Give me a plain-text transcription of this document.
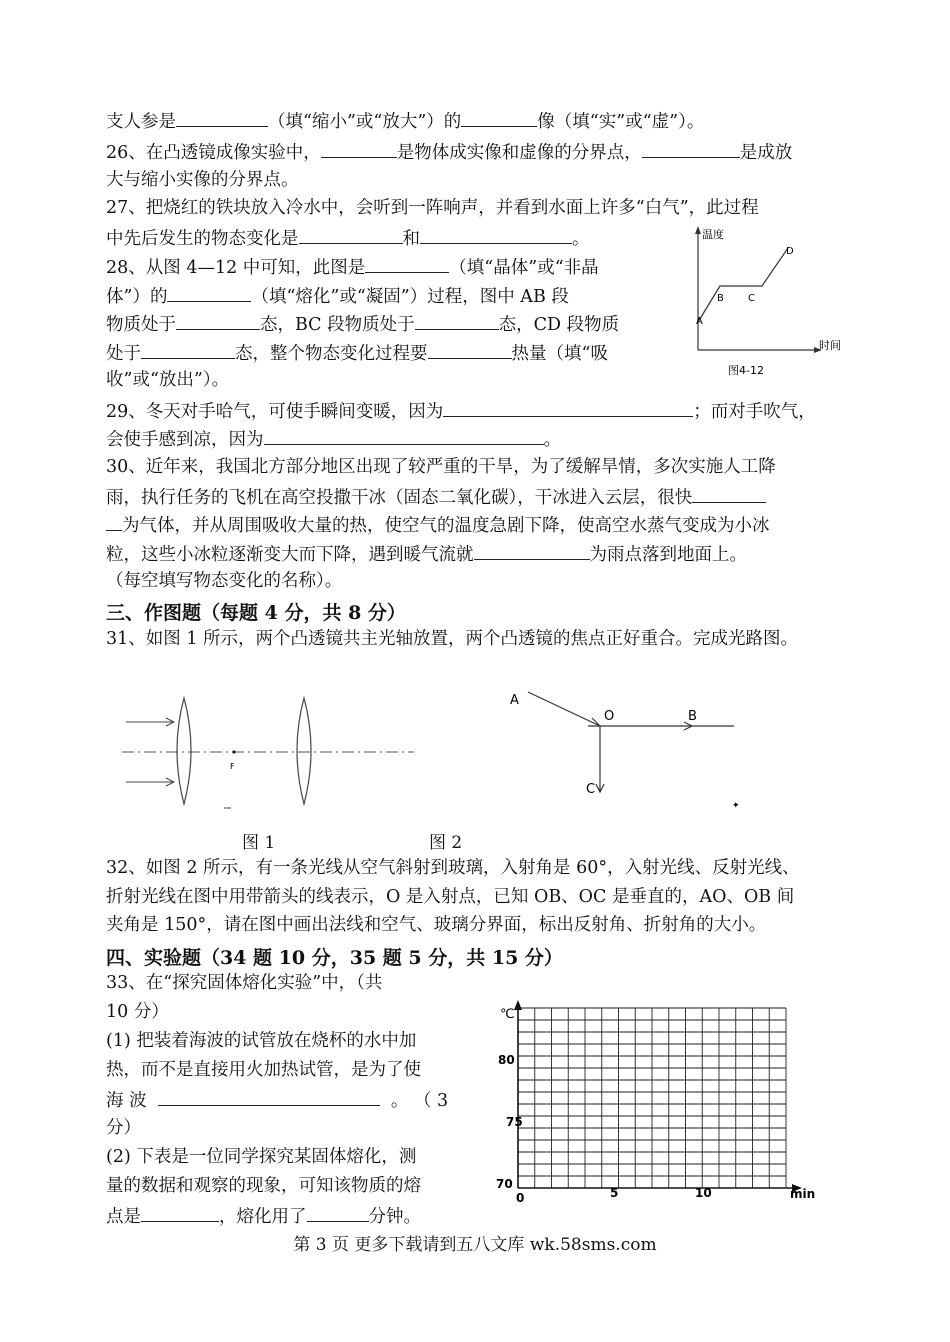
支人参是	（填“缩小”或“放大”）的	像（填“实”或“虚”）。
26、在凸透镜成像实验中，	是物体成实像和虚像的分界点，	是成放
大与缩小实像的分界点。
27、把烧红的铁块放入冷水中，会听到一阵响声，并看到水面上许多“白气”，此过程
中先后发生的物态变化是	和	。
28、从图 4—12 中可知，此图是	（填“晶体”或“非晶
体”）的	（填“熔化”或“凝固”）过程，图中 AB 段
物质处于	态，BC 段物质处于	态，CD 段物质
处于	态，整个物态变化过程要	热量（填“吸
收”或“放出”）。
温度
时间
A
B C
D
图4-12
29、冬天对手哈气，可使手瞬间变暖，因为	；而对手吹气，
会使手感到凉，因为	。
30、近年来，我国北方部分地区出现了较严重的干旱，为了缓解旱情，多次实施人工降
雨，执行任务的飞机在高空投撒干冰（固态二氧化碳），干冰进入云层，很快
为气体，并从周围吸收大量的热，使空气的温度急剧下降，使高空水蒸气变成为小冰
粒，这些小冰粒逐渐变大而下降，遇到暖气流就	为雨点落到地面上。
（每空填写物态变化的名称）。
三、作图题（每题 4 分，共 8 分）
31、如图 1 所示，两个凸透镜共主光轴放置，两个凸透镜的焦点正好重合。完成光路图。
F
A
O	B
C
✦
图 1	图 2
32、如图 2 所示，有一条光线从空气斜射到玻璃，入射角是 60°，入射光线、反射光线、
折射光线在图中用带箭头的线表示，O 是入射点，已知 OB、OC 是垂直的，AO、OB 间
夹角是 150°，请在图中画出法线和空气、玻璃分界面，标出反射角、折射角的大小。
四、实验题（34 题 10 分，35 题 5 分，共 15 分）
33、在“探究固体熔化实验”中，（共
10 分）
(1) 把装着海波的试管放在烧杯的水中加
热，而不是直接用火加热试管，是为了使
海 波	。 （ 3
分）
(2) 下表是一位同学探究某固体熔化，测
量的数据和观察的现象，可知该物质的熔
点是	，熔化用了	分钟。
℃
80
75
70
0	5	10	min
第 3 页 更多下载请到五八文库 wk.58sms.com
